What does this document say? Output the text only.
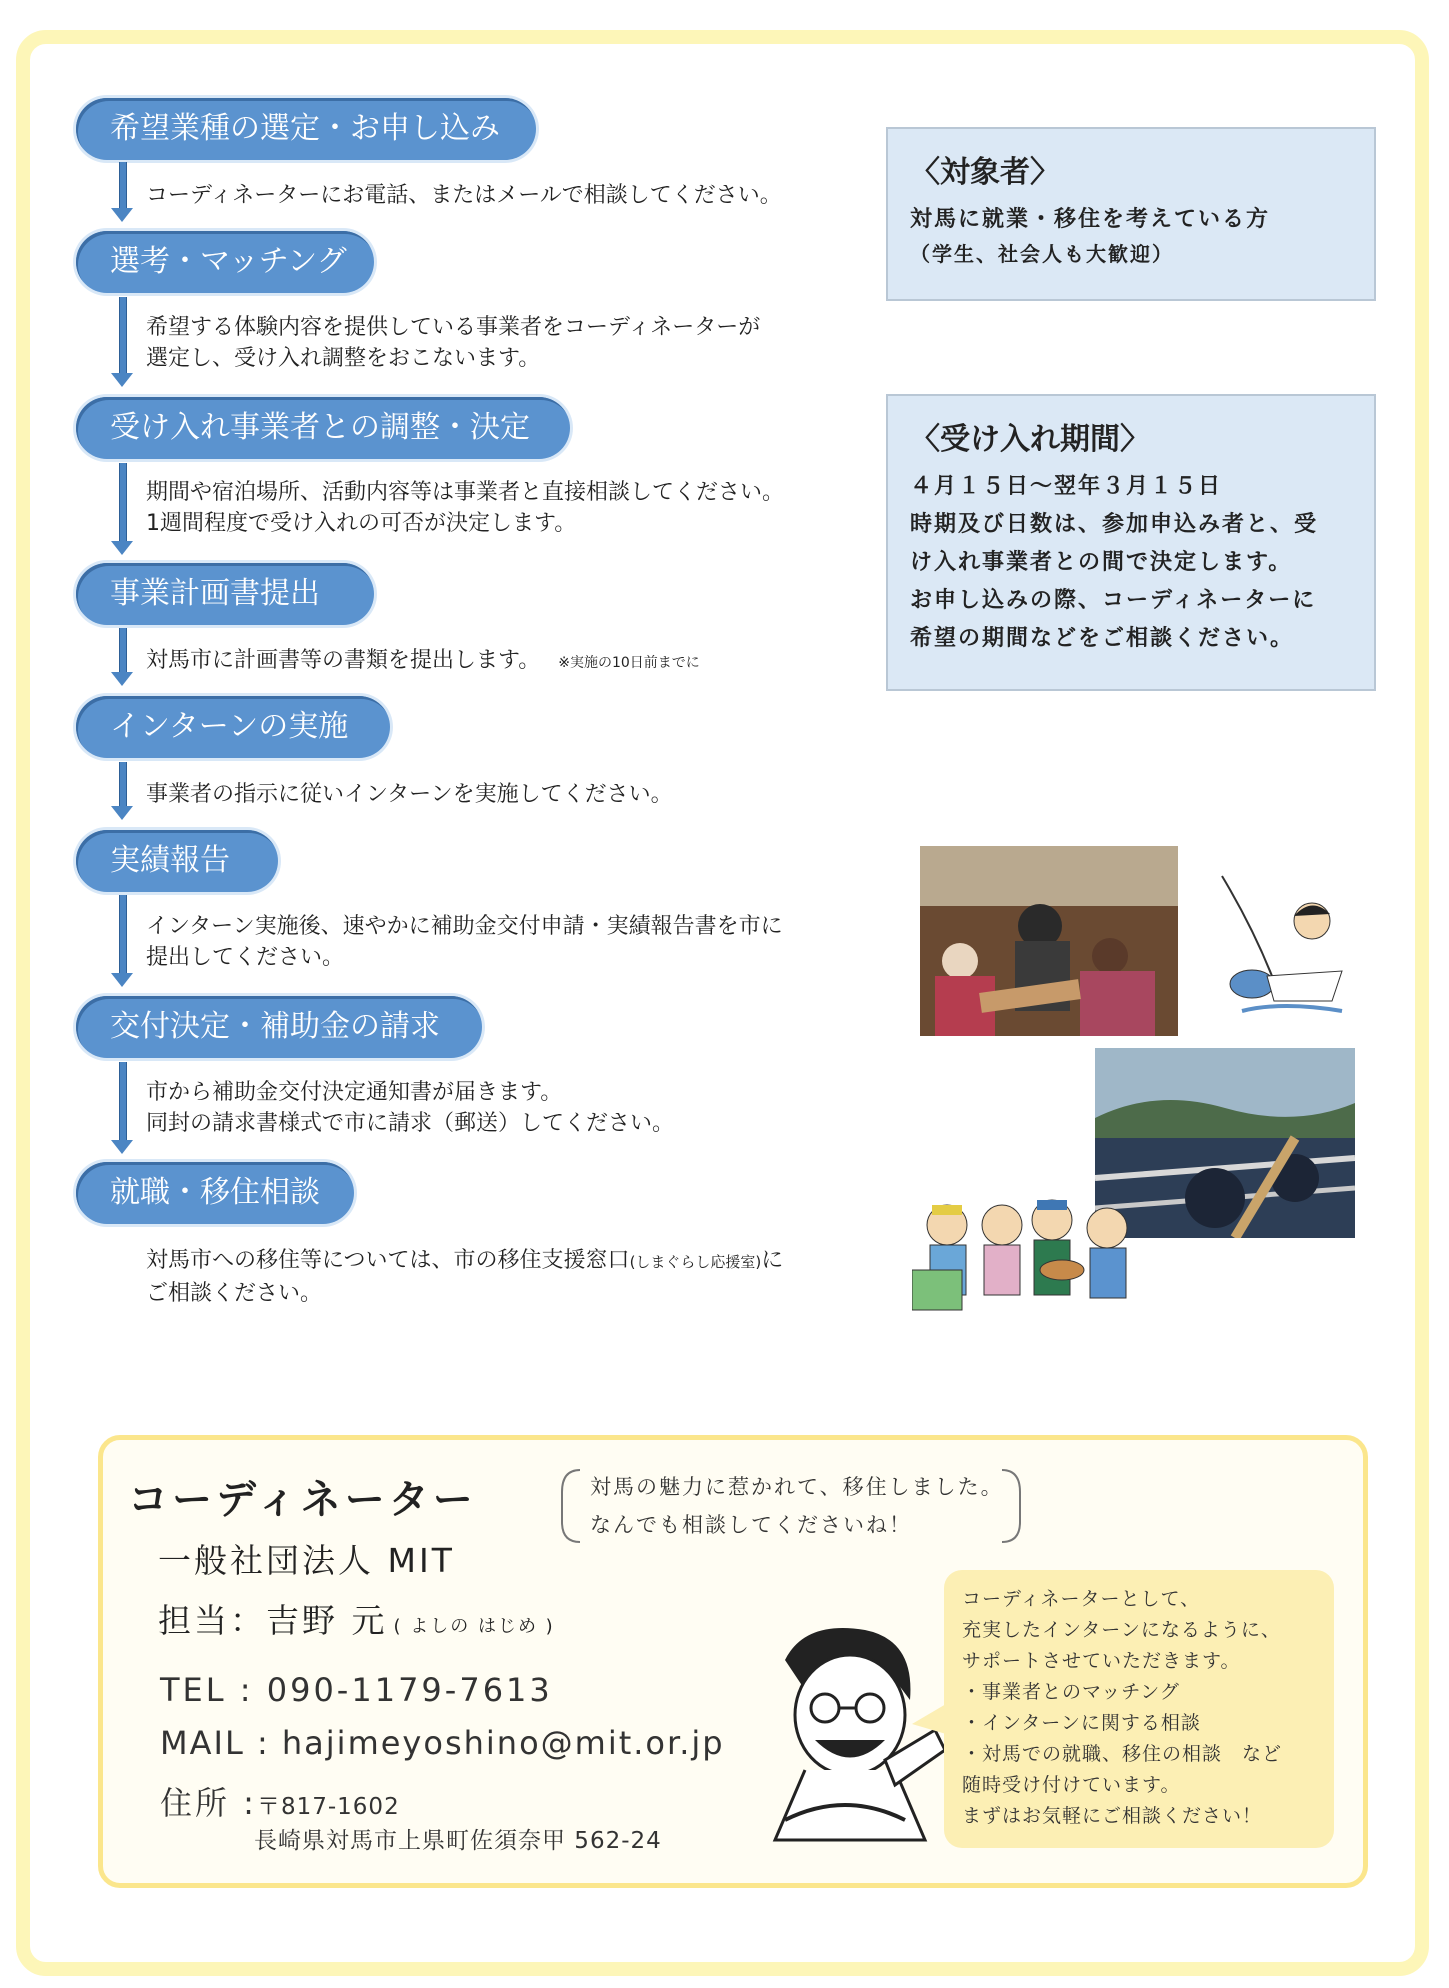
希望業種の選定・お申し込み
コーディネーターにお電話、またはメールで相談してください。
選考・マッチング
希望する体験内容を提供している事業者をコーディネーターが
選定し、受け入れ調整をおこないます。
受け入れ事業者との調整・決定
期間や宿泊場所、活動内容等は事業者と直接相談してください。
1週間程度で受け入れの可否が決定します。
事業計画書提出
対馬市に計画書等の書類を提出します。 ※実施の10日前までに
インターンの実施
事業者の指示に従いインターンを実施してください。
実績報告
インターン実施後、速やかに補助金交付申請・実績報告書を市に
提出してください。
交付決定・補助金の請求
市から補助金交付決定通知書が届きます。
同封の請求書様式で市に請求（郵送）してください。
就職・移住相談
対馬市への移住等については、市の移住支援窓口(しまぐらし応援室)に
ご相談ください。
〈対象者〉
対馬に就業・移住を考えている方
（学生、社会人も大歓迎）
〈受け入れ期間〉
４月１５日～翌年３月１５日
時期及び日数は、参加申込み者と、受
け入れ事業者との間で決定します。
お申し込みの際、コーディネーターに
希望の期間などをご相談ください。
コーディネーター	対馬の魅力に惹かれて、移住しました。
なんでも相談してくださいね！
一般社団法人 MIT
担当：吉野 元 ( よしの はじめ )
TEL : 090-1179-7613
MAIL : hajimeyoshino@mit.or.jp
住所 :〒817-1602
長崎県対馬市上県町佐須奈甲 562-24
コーディネーターとして、
充実したインターンになるように、
サポートさせていただきます。
・事業者とのマッチング
・インターンに関する相談
・対馬での就職、移住の相談　など
随時受け付けています。
まずはお気軽にご相談ください！
